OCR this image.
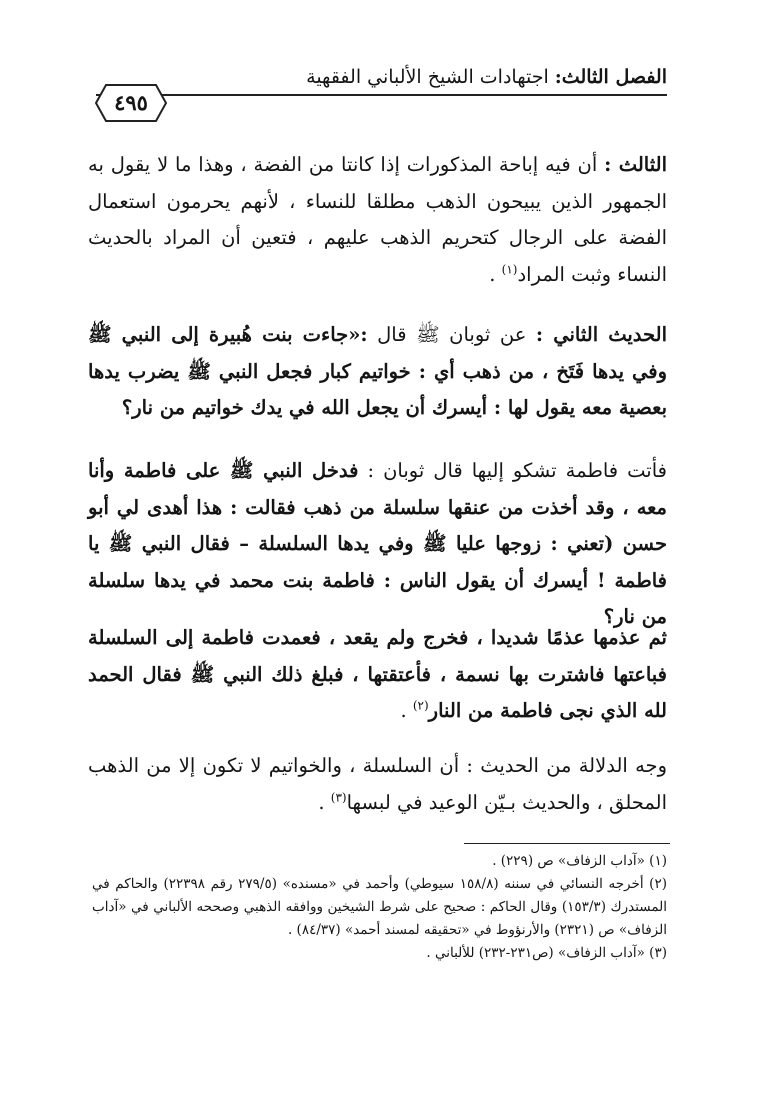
الفصل الثالث: اجتهادات الشيخ الألباني الفقهية
٤٩٥
الثالث : أن فيه إباحة المذكورات إذا كانتا من الفضة ، وهذا ما لا يقول به الجمهور الذين يبيحون الذهب مطلقا للنساء ، لأنهم يحرمون استعمال الفضة على الرجال كتحريم الذهب عليهم ، فتعين أن المراد بالحديث النساء وثبت المراد$^{(١)}$ .
الحديث الثاني : عن ثوبان ﷺ قال :«جاءت بنت هُبيرة إلى النبي ﷺ وفي يدها فَتَخ ، من ذهب أي : خواتيم كبار فجعل النبي ﷺ يضرب يدها بعصية معه يقول لها : أيسرك أن يجعل الله في يدك خواتيم من نار؟
فأتت فاطمة تشكو إليها قال ثوبان : فدخل النبي ﷺ على فاطمة وأنا معه ، وقد أخذت من عنقها سلسلة من ذهب فقالت : هذا أهدى لي أبو حسن (تعني : زوجها عليا ﷺ وفي يدها السلسلة – فقال النبي ﷺ يا فاطمة ! أيسرك أن يقول الناس : فاطمة بنت محمد في يدها سلسلة من نار؟
ثم عذمها عذمًا شديدا ، فخرج ولم يقعد ، فعمدت فاطمة إلى السلسلة فباعتها فاشترت بها نسمة ، فأعتقتها ، فبلغ ذلك النبي ﷺ فقال الحمد لله الذي نجى فاطمة من النار$^{(٢)}$ .
وجه الدلالة من الحديث : أن السلسلة ، والخواتيم لا تكون إلا من الذهب المحلق ، والحديث بـيّن الوعيد في لبسها$^{(٣)}$ .

(١) «آداب الزفاف» ص (٢٢٩) .

(٢) أخرجه النسائي في سننه (١٥٨/٨ سيوطي) وأحمد في «مسنده» (٢٧٩/٥ رقم ٢٢٣٩٨) والحاكم في المستدرك (١٥٣/٣) وقال الحاكم : صحيح على شرط الشيخين ووافقه الذهبي وصححه الألباني في «آداب الزفاف» ص (٢٣٢١) والأرنؤوط في «تحقيقه لمسند أحمد» (٨٤/٣٧) .

(٣) «آداب الزفاف» (ص٢٣١-٢٣٢) للألباني .
